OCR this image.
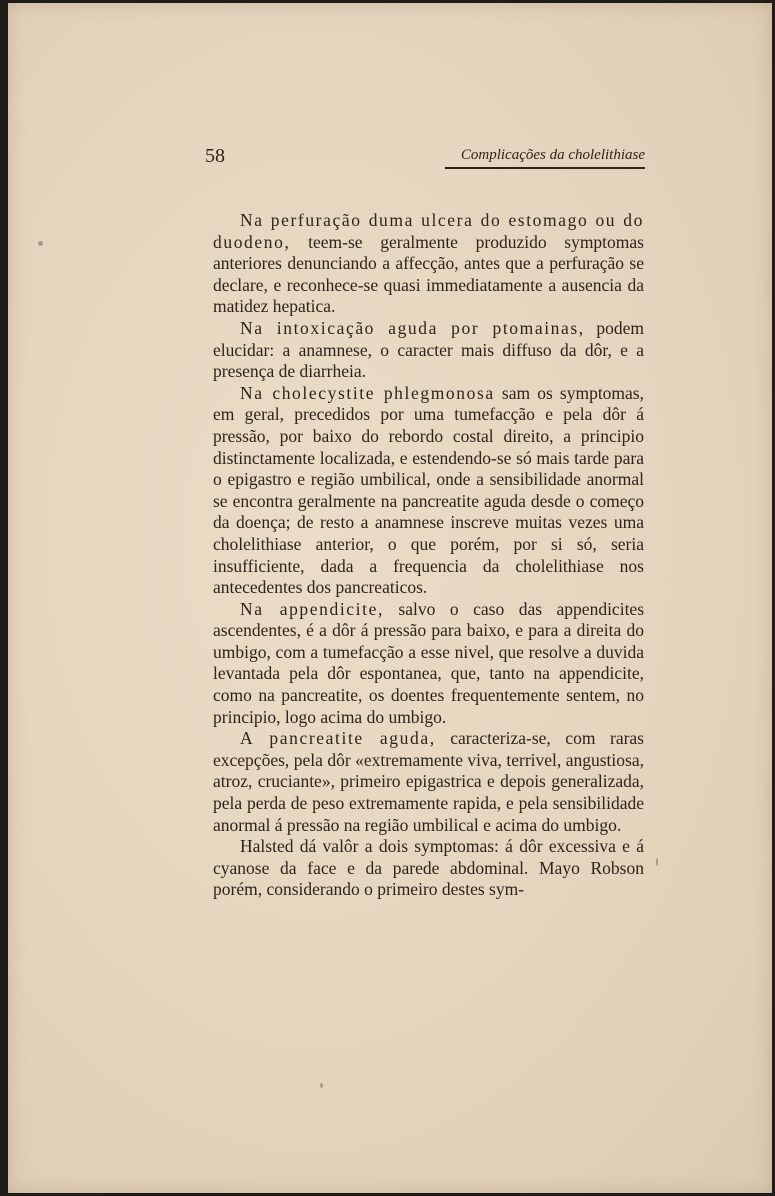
58	Complicações da cholelithiase

Na perfuração duma ulcera do estomago ou do duodeno, teem-se geralmente produzido symptomas anteriores denunciando a affecção, antes que a perfuração se declare, e reconhece-se quasi immediatamente a ausencia da matidez hepatica.

Na intoxicação aguda por ptomainas, podem elucidar: a anamnese, o caracter mais diffuso da dôr, e a presença de diarrheia.

Na cholecystite phlegmonosa sam os symptomas, em geral, precedidos por uma tumefacção e pela dôr á pressão, por baixo do rebordo costal direito, a principio distinctamente localizada, e estendendo-se só mais tarde para o epigastro e região umbilical, onde a sensibilidade anormal se encontra geralmente na pancreatite aguda desde o começo da doença; de resto a anamnese inscreve muitas vezes uma cholelithiase anterior, o que porém, por si só, seria insufficiente, dada a frequencia da cholelithiase nos antecedentes dos pancreaticos.

Na appendicite, salvo o caso das appendicites ascendentes, é a dôr á pressão para baixo, e para a direita do umbigo, com a tumefacção a esse nivel, que resolve a duvida levantada pela dôr espontanea, que, tanto na appendicite, como na pancreatite, os doentes frequentemente sentem, no principio, logo acima do umbigo.

A pancreatite aguda, caracteriza-se, com raras excepções, pela dôr «extremamente viva, terrivel, angustiosa, atroz, cruciante», primeiro epigastrica e depois generalizada, pela perda de peso extremamente rapida, e pela sensibilidade anormal á pressão na região umbilical e acima do umbigo.

Halsted dá valôr a dois symptomas: á dôr excessiva e á cyanose da face e da parede abdominal. Mayo Robson porém, considerando o primeiro destes sym-
